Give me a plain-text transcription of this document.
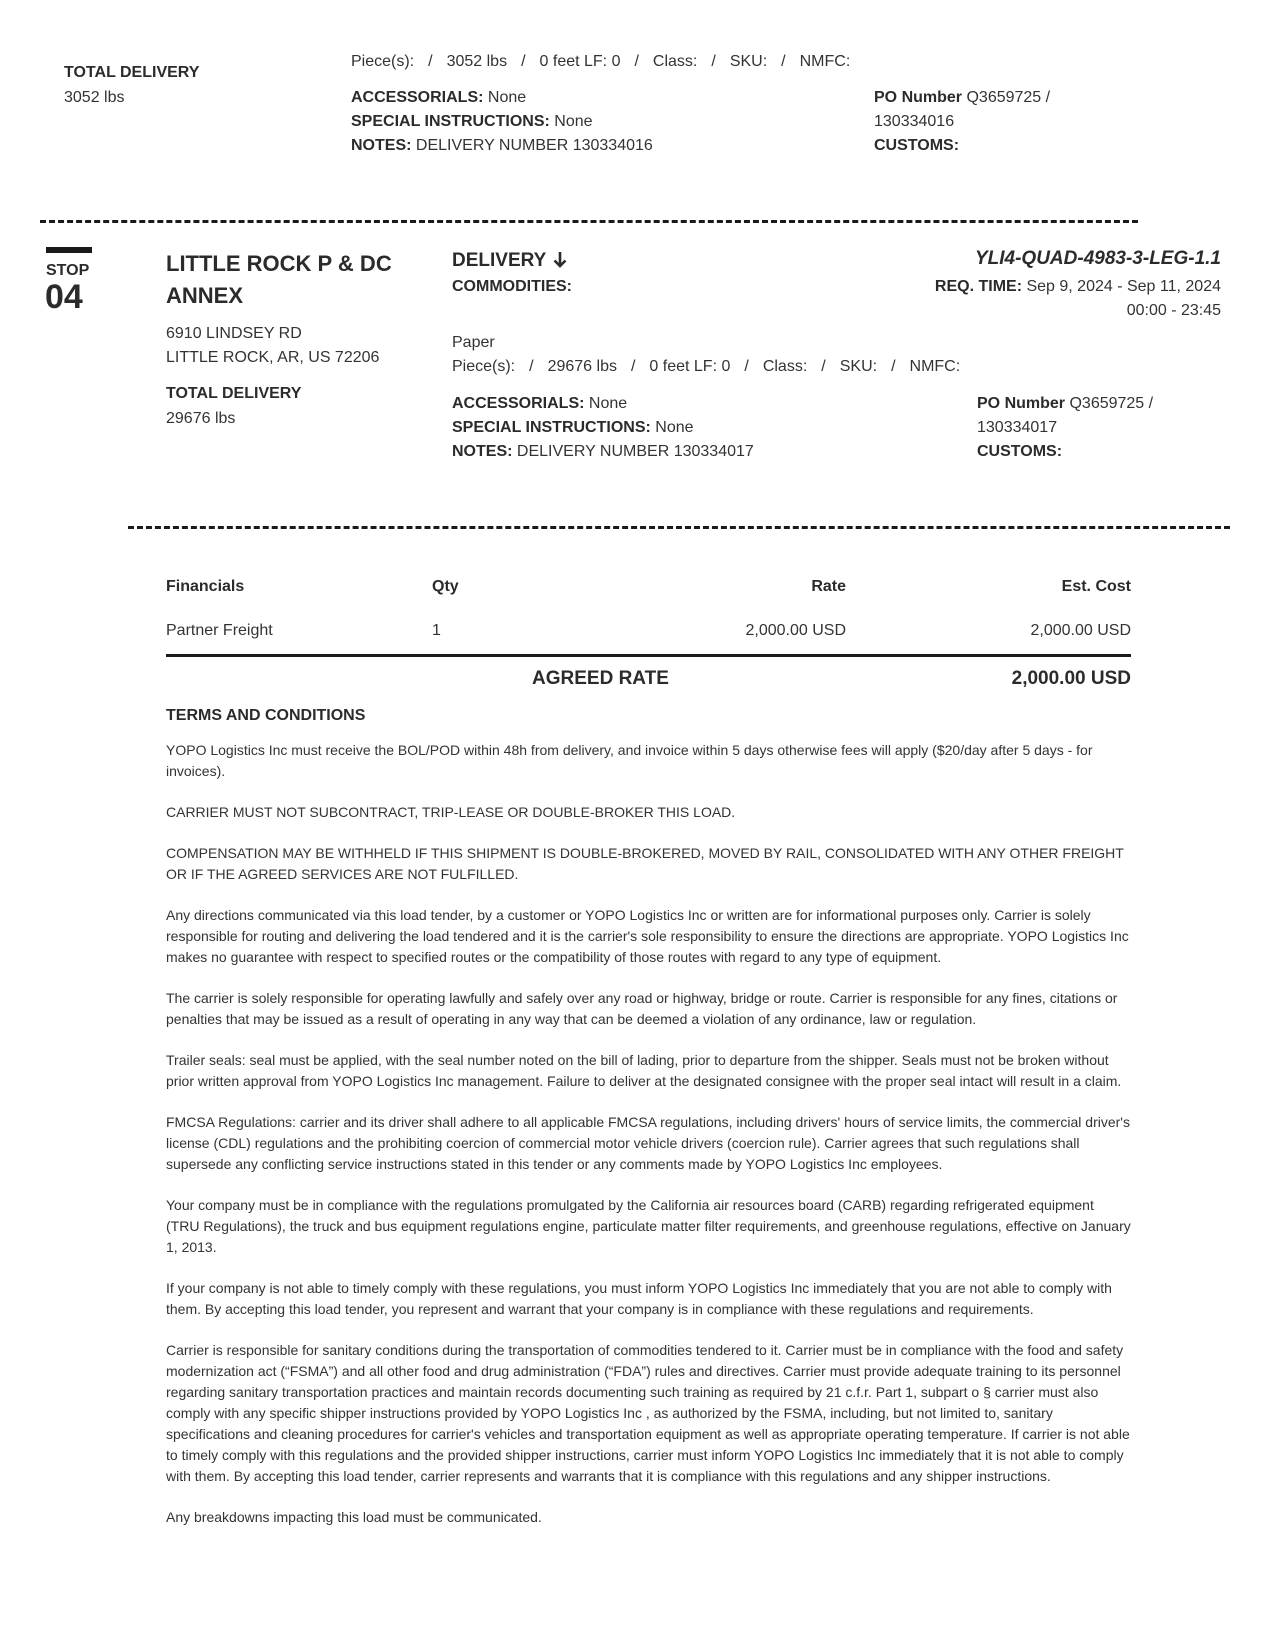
TOTAL DELIVERY
3052 lbs
Piece(s): / 3052 lbs / 0 feet LF: 0 / Class: / SKU: / NMFC:
ACCESSORIALS: None
SPECIAL INSTRUCTIONS: None
NOTES: DELIVERY NUMBER 130334016
PO Number Q3659725 /
130334016
CUSTOMS:
STOP
04
LITTLE ROCK P & DC
ANNEX
6910 LINDSEY RD
LITTLE ROCK, AR, US 72206
TOTAL DELIVERY
29676 lbs
DELIVERY
COMMODITIES:
YLI4-QUAD-4983-3-LEG-1.1
REQ. TIME: Sep 9, 2024 - Sep 11, 2024
00:00 - 23:45
Paper
Piece(s): / 29676 lbs / 0 feet LF: 0 / Class: / SKU: / NMFC:
ACCESSORIALS: None
SPECIAL INSTRUCTIONS: None
NOTES: DELIVERY NUMBER 130334017
PO Number Q3659725 /
130334017
CUSTOMS:
Financials	Qty	Rate	Est. Cost
Partner Freight	1	2,000.00 USD	2,000.00 USD
AGREED RATE	2,000.00 USD
TERMS AND CONDITIONS

YOPO Logistics Inc must receive the BOL/POD within 48h from delivery, and invoice within 5 days otherwise fees will apply ($20/day after 5 days - for invoices).

CARRIER MUST NOT SUBCONTRACT, TRIP-LEASE OR DOUBLE-BROKER THIS LOAD.

COMPENSATION MAY BE WITHHELD IF THIS SHIPMENT IS DOUBLE-BROKERED, MOVED BY RAIL, CONSOLIDATED WITH ANY OTHER FREIGHT OR IF THE AGREED SERVICES ARE NOT FULFILLED.

Any directions communicated via this load tender, by a customer or YOPO Logistics Inc or written are for informational purposes only. Carrier is solely responsible for routing and delivering the load tendered and it is the carrier's sole responsibility to ensure the directions are appropriate. YOPO Logistics Inc makes no guarantee with respect to specified routes or the compatibility of those routes with regard to any type of equipment.

The carrier is solely responsible for operating lawfully and safely over any road or highway, bridge or route. Carrier is responsible for any fines, citations or penalties that may be issued as a result of operating in any way that can be deemed a violation of any ordinance, law or regulation.

Trailer seals: seal must be applied, with the seal number noted on the bill of lading, prior to departure from the shipper. Seals must not be broken without prior written approval from YOPO Logistics Inc management. Failure to deliver at the designated consignee with the proper seal intact will result in a claim.

FMCSA Regulations: carrier and its driver shall adhere to all applicable FMCSA regulations, including drivers' hours of service limits, the commercial driver's license (CDL) regulations and the prohibiting coercion of commercial motor vehicle drivers (coercion rule). Carrier agrees that such regulations shall supersede any conflicting service instructions stated in this tender or any comments made by YOPO Logistics Inc employees.

Your company must be in compliance with the regulations promulgated by the California air resources board (CARB) regarding refrigerated equipment (TRU Regulations), the truck and bus equipment regulations engine, particulate matter filter requirements, and greenhouse regulations, effective on January 1, 2013.

If your company is not able to timely comply with these regulations, you must inform YOPO Logistics Inc immediately that you are not able to comply with them. By accepting this load tender, you represent and warrant that your company is in compliance with these regulations and requirements.

Carrier is responsible for sanitary conditions during the transportation of commodities tendered to it. Carrier must be in compliance with the food and safety modernization act (“FSMA”) and all other food and drug administration (“FDA”) rules and directives. Carrier must provide adequate training to its personnel regarding sanitary transportation practices and maintain records documenting such training as required by 21 c.f.r. Part 1, subpart o § carrier must also comply with any specific shipper instructions provided by YOPO Logistics Inc , as authorized by the FSMA, including, but not limited to, sanitary specifications and cleaning procedures for carrier's vehicles and transportation equipment as well as appropriate operating temperature. If carrier is not able to timely comply with this regulations and the provided shipper instructions, carrier must inform YOPO Logistics Inc immediately that it is not able to comply with them. By accepting this load tender, carrier represents and warrants that it is compliance with this regulations and any shipper instructions.

Any breakdowns impacting this load must be communicated.
